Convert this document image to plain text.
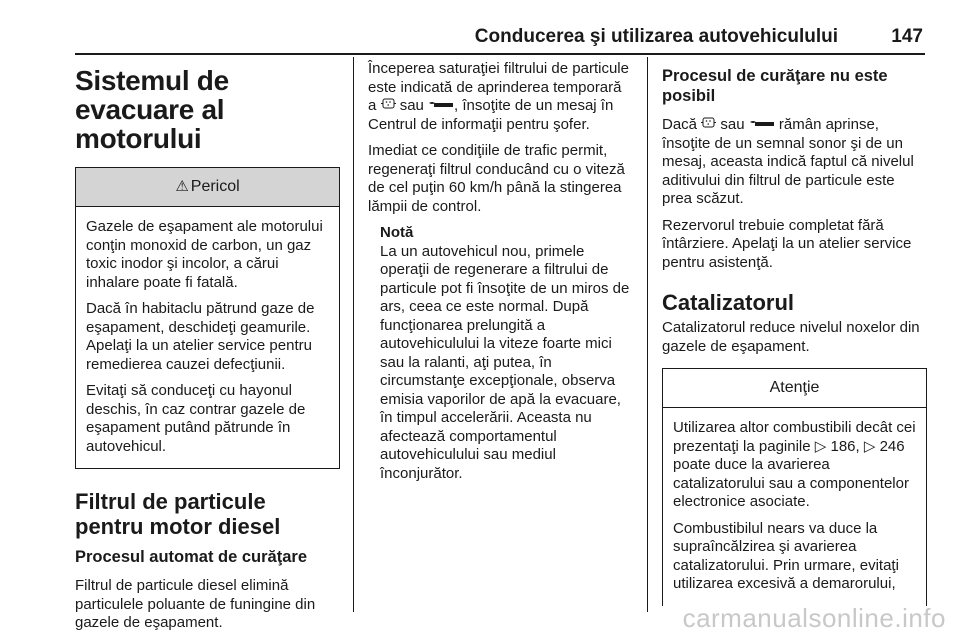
Conducerea şi utilizarea autovehiculului	147
Sistemul de evacuare al motorului
⚠ Pericol

Gazele de eşapament ale motorului conţin monoxid de carbon, un gaz toxic inodor şi incolor, a cărui inhalare poate fi fatală.

Dacă în habitaclu pătrund gaze de eşapament, deschideţi geamurile. Apelaţi la un atelier service pentru remedierea cauzei defecţiunii.

Evitaţi să conduceţi cu hayonul deschis, în caz contrar gazele de eşapament putând pătrunde în autovehicul.

Filtrul de particule pentru motor diesel
Procesul automat de curăţare

Filtrul de particule diesel elimină particulele poluante de funingine din gazele de eşapament.

Începerea saturaţiei filtrului de particule este indicată de aprinderea temporară a sau , însoţite de un mesaj în Centrul de informaţii pentru şofer.

Imediat ce condiţiile de trafic permit, regeneraţi filtrul conducând cu o viteză de cel puţin 60 km/h până la stingerea lămpii de control.

Notă
La un autovehicul nou, primele operaţii de regenerare a filtrului de particule pot fi însoţite de un miros de ars, ceea ce este normal. După funcţionarea prelungită a autovehiculului la viteze foarte mici sau la ralanti, aţi putea, în circumstanţe excepţionale, observa emisia vaporilor de apă la evacuare, în timpul accelerării. Aceasta nu afectează comportamentul autovehiculului sau mediul înconjurător.
Procesul de curăţare nu este posibil

Dacă sau rămân aprinse, însoţite de un semnal sonor şi de un mesaj, aceasta indică faptul că nivelul aditivului din filtrul de particule este prea scăzut.

Rezervorul trebuie completat fără întârziere. Apelaţi la un atelier service pentru asistenţă.

Catalizatorul

Catalizatorul reduce nivelul noxelor din gazele de eşapament.

Atenţie

Utilizarea altor combustibili decât cei prezentaţi la paginile ▷ 186, ▷ 246 poate duce la avarierea catalizatorului sau a componentelor electronice asociate.

Combustibilul nears va duce la supraîncălzirea şi avarierea catalizatorului. Prin urmare, evitaţi utilizarea excesivă a demarorului,

carmanualsonline.info
